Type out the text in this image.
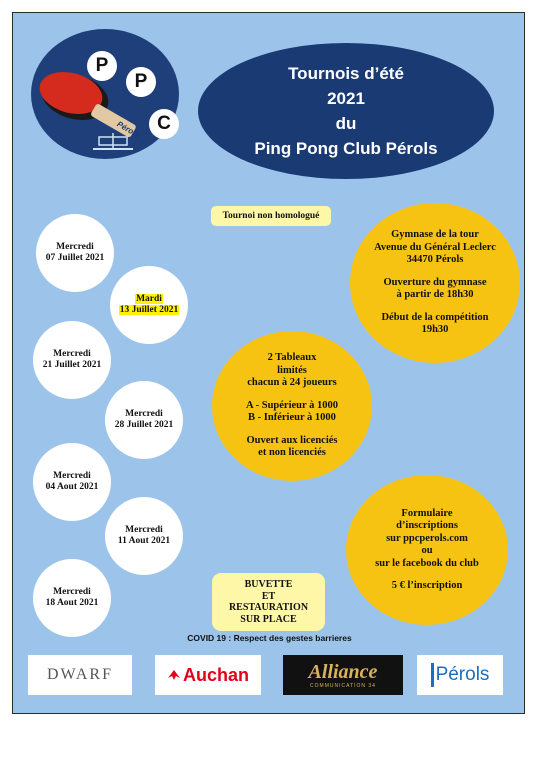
P
P
C
Pérols
Tournois d’été
2021
du
Ping Pong Club Pérols
Tournoi non homologué
Mercredi
07 Juillet 2021
Mardi
13 Juillet 2021
Mercredi
21 Juillet 2021
Mercredi
28 Juillet 2021
Mercredi
04 Aout 2021
Mercredi
11 Aout 2021
Mercredi
18 Aout 2021
Gymnase de la tour
Avenue du Général Leclerc
34470 Pérols
Ouverture du gymnase
à partir de 18h30
Début de la compétition
19h30
2 Tableaux
limités
chacun à 24 joueurs
A - Supérieur à 1000
B - Inférieur à 1000
Ouvert aux licenciés
et non licenciés
Formulaire
d’inscriptions
sur ppcperols.com
ou
sur le facebook du club
5 € l’inscription
BUVETTE
ET
RESTAURATION
SUR PLACE
COVID 19 : Respect des gestes barrieres
DWARF	Auchan	Alliance
COMMUNICATION 34
Pérols
